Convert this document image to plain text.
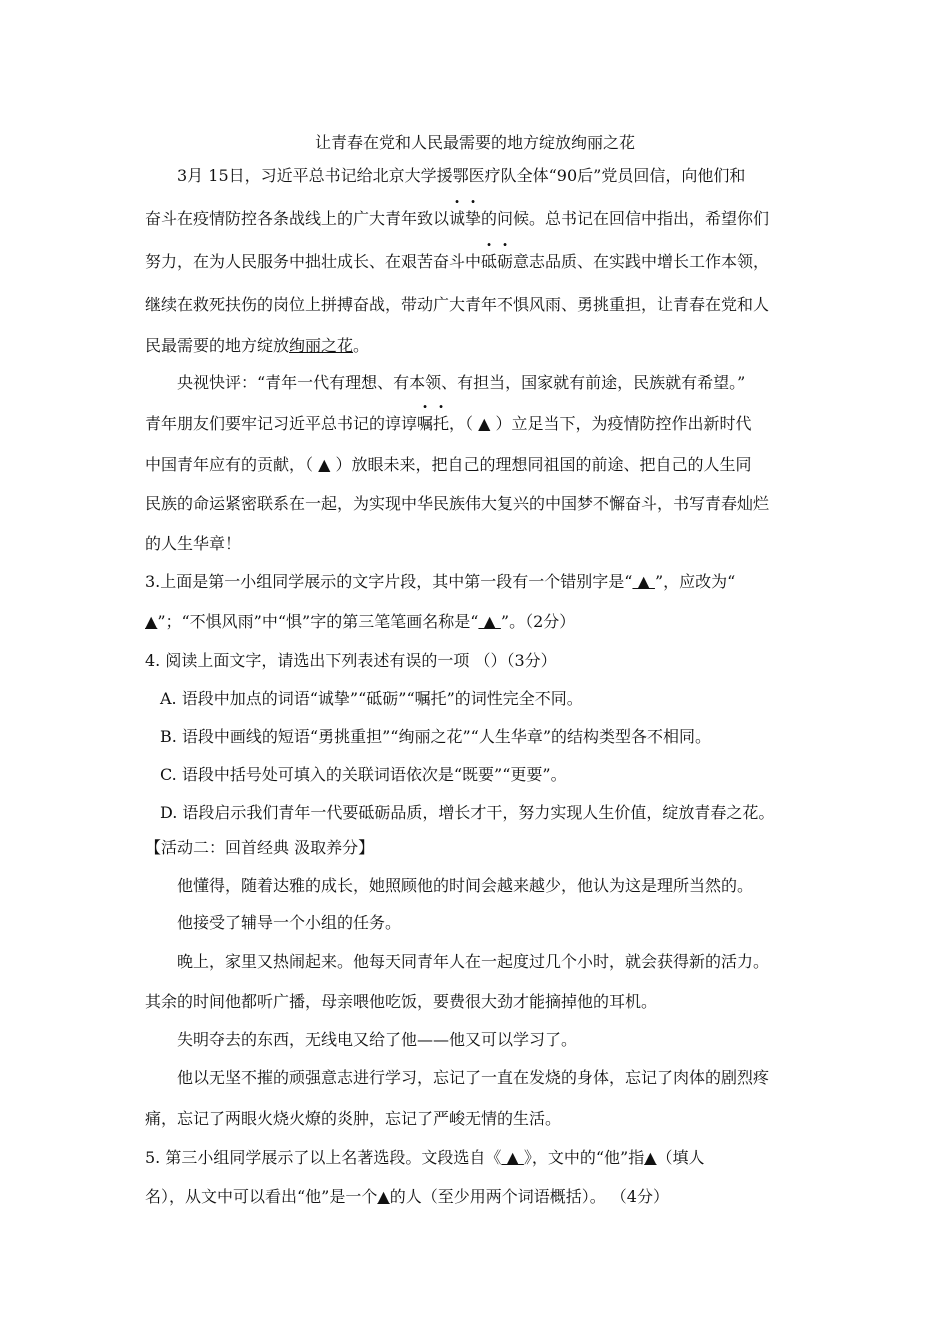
让青春在党和人民最需要的地方绽放绚丽之花
3月 15日，习近平总书记给北京大学援鄂医疗队全体“90后”党员回信，向他们和
奋斗在疫情防控各条战线上的广大青年致以诚挚的问候。总书记在回信中指出，希望你们
努力，在为人民服务中拙壮成长、在艰苦奋斗中砥砺意志品质、在实践中增长工作本领，
继续在救死扶伤的岗位上拼搏奋战，带动广大青年不惧风雨、勇挑重担，让青春在党和人
民最需要的地方绽放绚丽之花。
央视快评：“青年一代有理想、有本领、有担当，国家就有前途，民族就有希望。”
青年朋友们要牢记习近平总书记的谆谆嘱托，（ ▲ ）立足当下，为疫情防控作出新时代
中国青年应有的贡献，（ ▲ ）放眼未来，把自己的理想同祖国的前途、把自己的人生同
民族的命运紧密联系在一起，为实现中华民族伟大复兴的中国梦不懈奋斗，书写青春灿烂
的人生华章！
3.上面是第一小组同学展示的文字片段，其中第一段有一个错别字是“ ▲ ”，应改为“
▲”；“不惧风雨”中“惧”字的第三笔笔画名称是“ ▲ ”。（2分）
4. 阅读上面文字，请选出下列表述有误的一项 （）（3分）
A. 语段中加点的词语“诚挚”“砥砺”“嘱托”的词性完全不同。
B. 语段中画线的短语“勇挑重担”“绚丽之花”“人生华章”的结构类型各不相同。
C. 语段中括号处可填入的关联词语依次是“既要”“更要”。
D. 语段启示我们青年一代要砥砺品质，增长才干，努力实现人生价值，绽放青春之花。
【活动二：回首经典 汲取养分】
他懂得，随着达雅的成长，她照顾他的时间会越来越少，他认为这是理所当然的。
他接受了辅导一个小组的任务。
晚上，家里又热闹起来。他每天同青年人在一起度过几个小时，就会获得新的活力。
其余的时间他都听广播，母亲喂他吃饭，要费很大劲才能摘掉他的耳机。
失明夺去的东西，无线电又给了他——他又可以学习了。
他以无坚不摧的顽强意志进行学习，忘记了一直在发烧的身体，忘记了肉体的剧烈疼
痛，忘记了两眼火烧火燎的炎肿，忘记了严峻无情的生活。
5. 第三小组同学展示了以上名著选段。文段选自《 ▲ 》，文中的“他”指▲（填人
名），从文中可以看出“他”是一个▲的人（至少用两个词语概括）。 （4分）
